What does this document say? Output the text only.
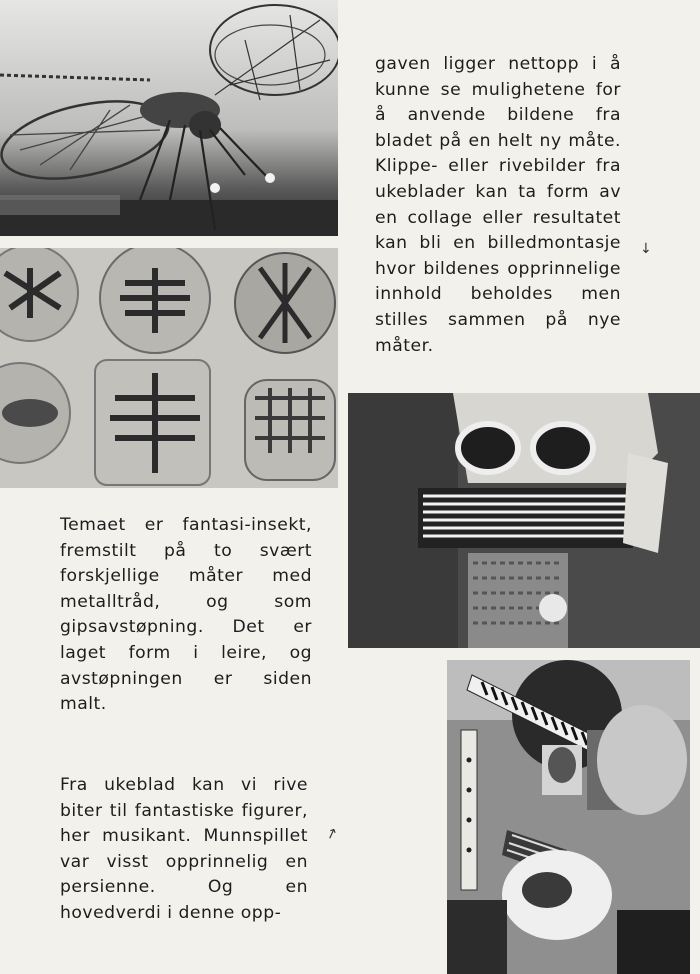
gaven ligger nettopp i å kunne se mulighetene for å anvende bildene fra bladet på en helt ny måte. Klippe- eller rivebilder fra ukeblader kan ta form av en collage eller resultatet kan bli en billedmontasje hvor bildenes opprinnelige innhold beholdes men stilles sammen på nye måter.

↓

Temaet er fantasi-insekt, fremstilt på to svært forskjellige måter med metalltråd, og som gipsavstøpning. Det er laget form i leire, og avstøpningen er siden malt.

Fra ukeblad kan vi rive biter til fantastiske figurer, her musikant. Munnspillet var visst opprinnelig en persienne. Og en hovedverdi i denne opp-

↗
